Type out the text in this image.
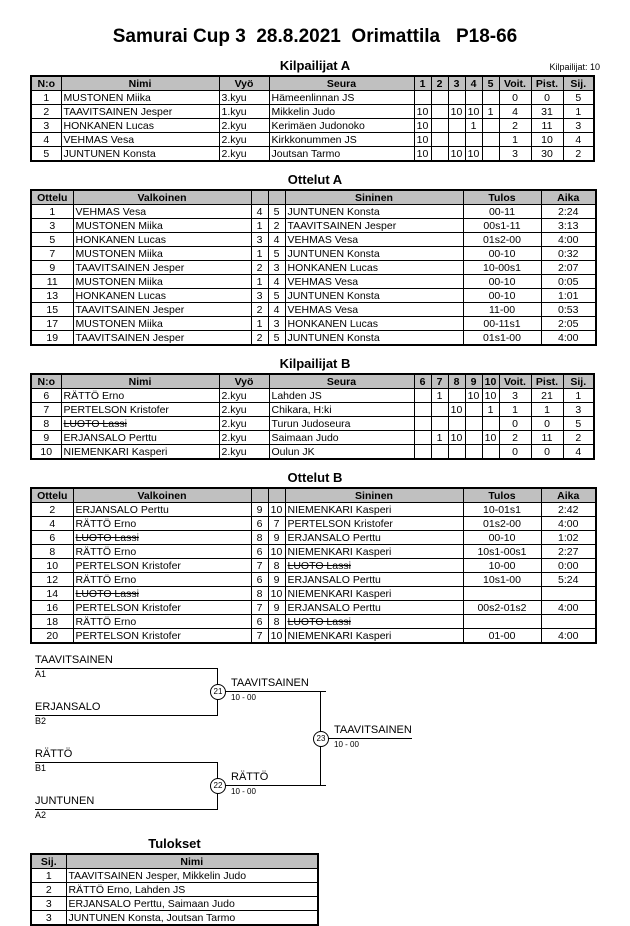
Samurai Cup 3  28.8.2021  Orimattila   P18-66
Kilpailijat: 10
Kilpailijat A
N:o	Nimi	Vyö	Seura	1	2	3	4	5	Voit.	Pist.	Sij.
1	MUSTONEN Miika	3.kyu	Hämeenlinnan JS						0	0	5
2	TAAVITSAINEN Jesper	1.kyu	Mikkelin Judo	10		10	10	1	4	31	1
3	HONKANEN Lucas	2.kyu	Kerimäen Judonoko	10			1		2	11	3
4	VEHMAS Vesa	2.kyu	Kirkkonummen JS	10					1	10	4
5	JUNTUNEN Konsta	2.kyu	Joutsan Tarmo	10		10	10		3	30	2
Ottelut A
Ottelu	Valkoinen			Sininen	Tulos	Aika
1	VEHMAS Vesa	4	5	JUNTUNEN Konsta	00-11	2:24
3	MUSTONEN Miika	1	2	TAAVITSAINEN Jesper	00s1-11	3:13
5	HONKANEN Lucas	3	4	VEHMAS Vesa	01s2-00	4:00
7	MUSTONEN Miika	1	5	JUNTUNEN Konsta	00-10	0:32
9	TAAVITSAINEN Jesper	2	3	HONKANEN Lucas	10-00s1	2:07
11	MUSTONEN Miika	1	4	VEHMAS Vesa	00-10	0:05
13	HONKANEN Lucas	3	5	JUNTUNEN Konsta	00-10	1:01
15	TAAVITSAINEN Jesper	2	4	VEHMAS Vesa	11-00	0:53
17	MUSTONEN Miika	1	3	HONKANEN Lucas	00-11s1	2:05
19	TAAVITSAINEN Jesper	2	5	JUNTUNEN Konsta	01s1-00	4:00
Kilpailijat B
N:o	Nimi	Vyö	Seura	6	7	8	9	10	Voit.	Pist.	Sij.
6	RÄTTÖ Erno	2.kyu	Lahden JS		1		10	10	3	21	1
7	PERTELSON Kristofer	2.kyu	Chikara, H:ki			10		1	1	1	3
8	LUOTO Lassi	2.kyu	Turun Judoseura						0	0	5
9	ERJANSALO Perttu	2.kyu	Saimaan Judo		1	10		10	2	11	2
10	NIEMENKARI Kasperi	2.kyu	Oulun JK						0	0	4
Ottelut B
Ottelu	Valkoinen			Sininen	Tulos	Aika
2	ERJANSALO Perttu	9	10	NIEMENKARI Kasperi	10-01s1	2:42
4	RÄTTÖ Erno	6	7	PERTELSON Kristofer	01s2-00	4:00
6	LUOTO Lassi	8	9	ERJANSALO Perttu	00-10	1:02
8	RÄTTÖ Erno	6	10	NIEMENKARI Kasperi	10s1-00s1	2:27
10	PERTELSON Kristofer	7	8	LUOTO Lassi	10-00	0:00
12	RÄTTÖ Erno	6	9	ERJANSALO Perttu	10s1-00	5:24
14	LUOTO Lassi	8	10	NIEMENKARI Kasperi		
16	PERTELSON Kristofer	7	9	ERJANSALO Perttu	00s2-01s2	4:00
18	RÄTTÖ Erno	6	8	LUOTO Lassi		
20	PERTELSON Kristofer	7	10	NIEMENKARI Kasperi	01-00	4:00
TAAVITSAINEN
A1
ERJANSALO
B2
TAAVITSAINEN
10 - 00
21
RÄTTÖ
B1
JUNTUNEN
A2
RÄTTÖ
10 - 00
22
TAAVITSAINEN
10 - 00
23
Tulokset
Sij.	Nimi
1	TAAVITSAINEN Jesper, Mikkelin Judo
2	RÄTTÖ Erno, Lahden JS
3	ERJANSALO Perttu, Saimaan Judo
3	JUNTUNEN Konsta, Joutsan Tarmo
